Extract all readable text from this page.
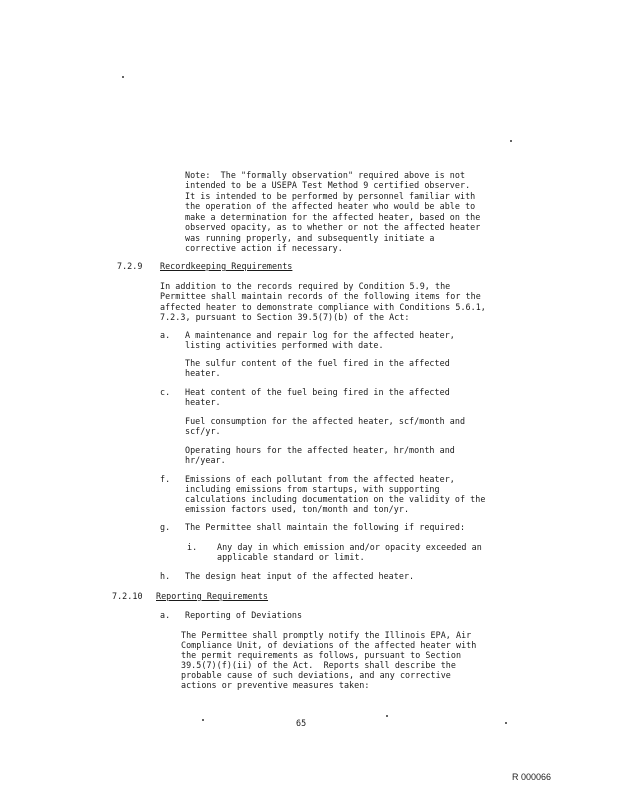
Note:  The "formally observation" required above is not
intended to be a USEPA Test Method 9 certified observer.
It is intended to be performed by personnel familiar with
the operation of the affected heater who would be able to
make a determination for the affected heater, based on the
observed opacity, as to whether or not the affected heater
was running properly, and subsequently initiate a
corrective action if necessary.
7.2.9 Recordkeeping Requirements
In addition to the records required by Condition 5.9, the
Permittee shall maintain records of the following items for the
affected heater to demonstrate compliance with Conditions 5.6.1,
7.2.3, pursuant to Section 39.5(7)(b) of the Act:
a. A maintenance and repair log for the affected heater,
listing activities performed with date.
The sulfur content of the fuel fired in the affected
heater.
c. Heat content of the fuel being fired in the affected
heater.
Fuel consumption for the affected heater, scf/month and
scf/yr.
Operating hours for the affected heater, hr/month and
hr/year.
f. Emissions of each pollutant from the affected heater,
including emissions from startups, with supporting
calculations including documentation on the validity of the
emission factors used, ton/month and ton/yr.
g. The Permittee shall maintain the following if required:
i. Any day in which emission and/or opacity exceeded an
applicable standard or limit.
h. The design heat input of the affected heater.
7.2.10 Reporting Requirements
a. Reporting of Deviations
The Permittee shall promptly notify the Illinois EPA, Air
Compliance Unit, of deviations of the affected heater with
the permit requirements as follows, pursuant to Section
39.5(7)(f)(ii) of the Act.  Reports shall describe the
probable cause of such deviations, and any corrective
actions or preventive measures taken:
65
R 000066
